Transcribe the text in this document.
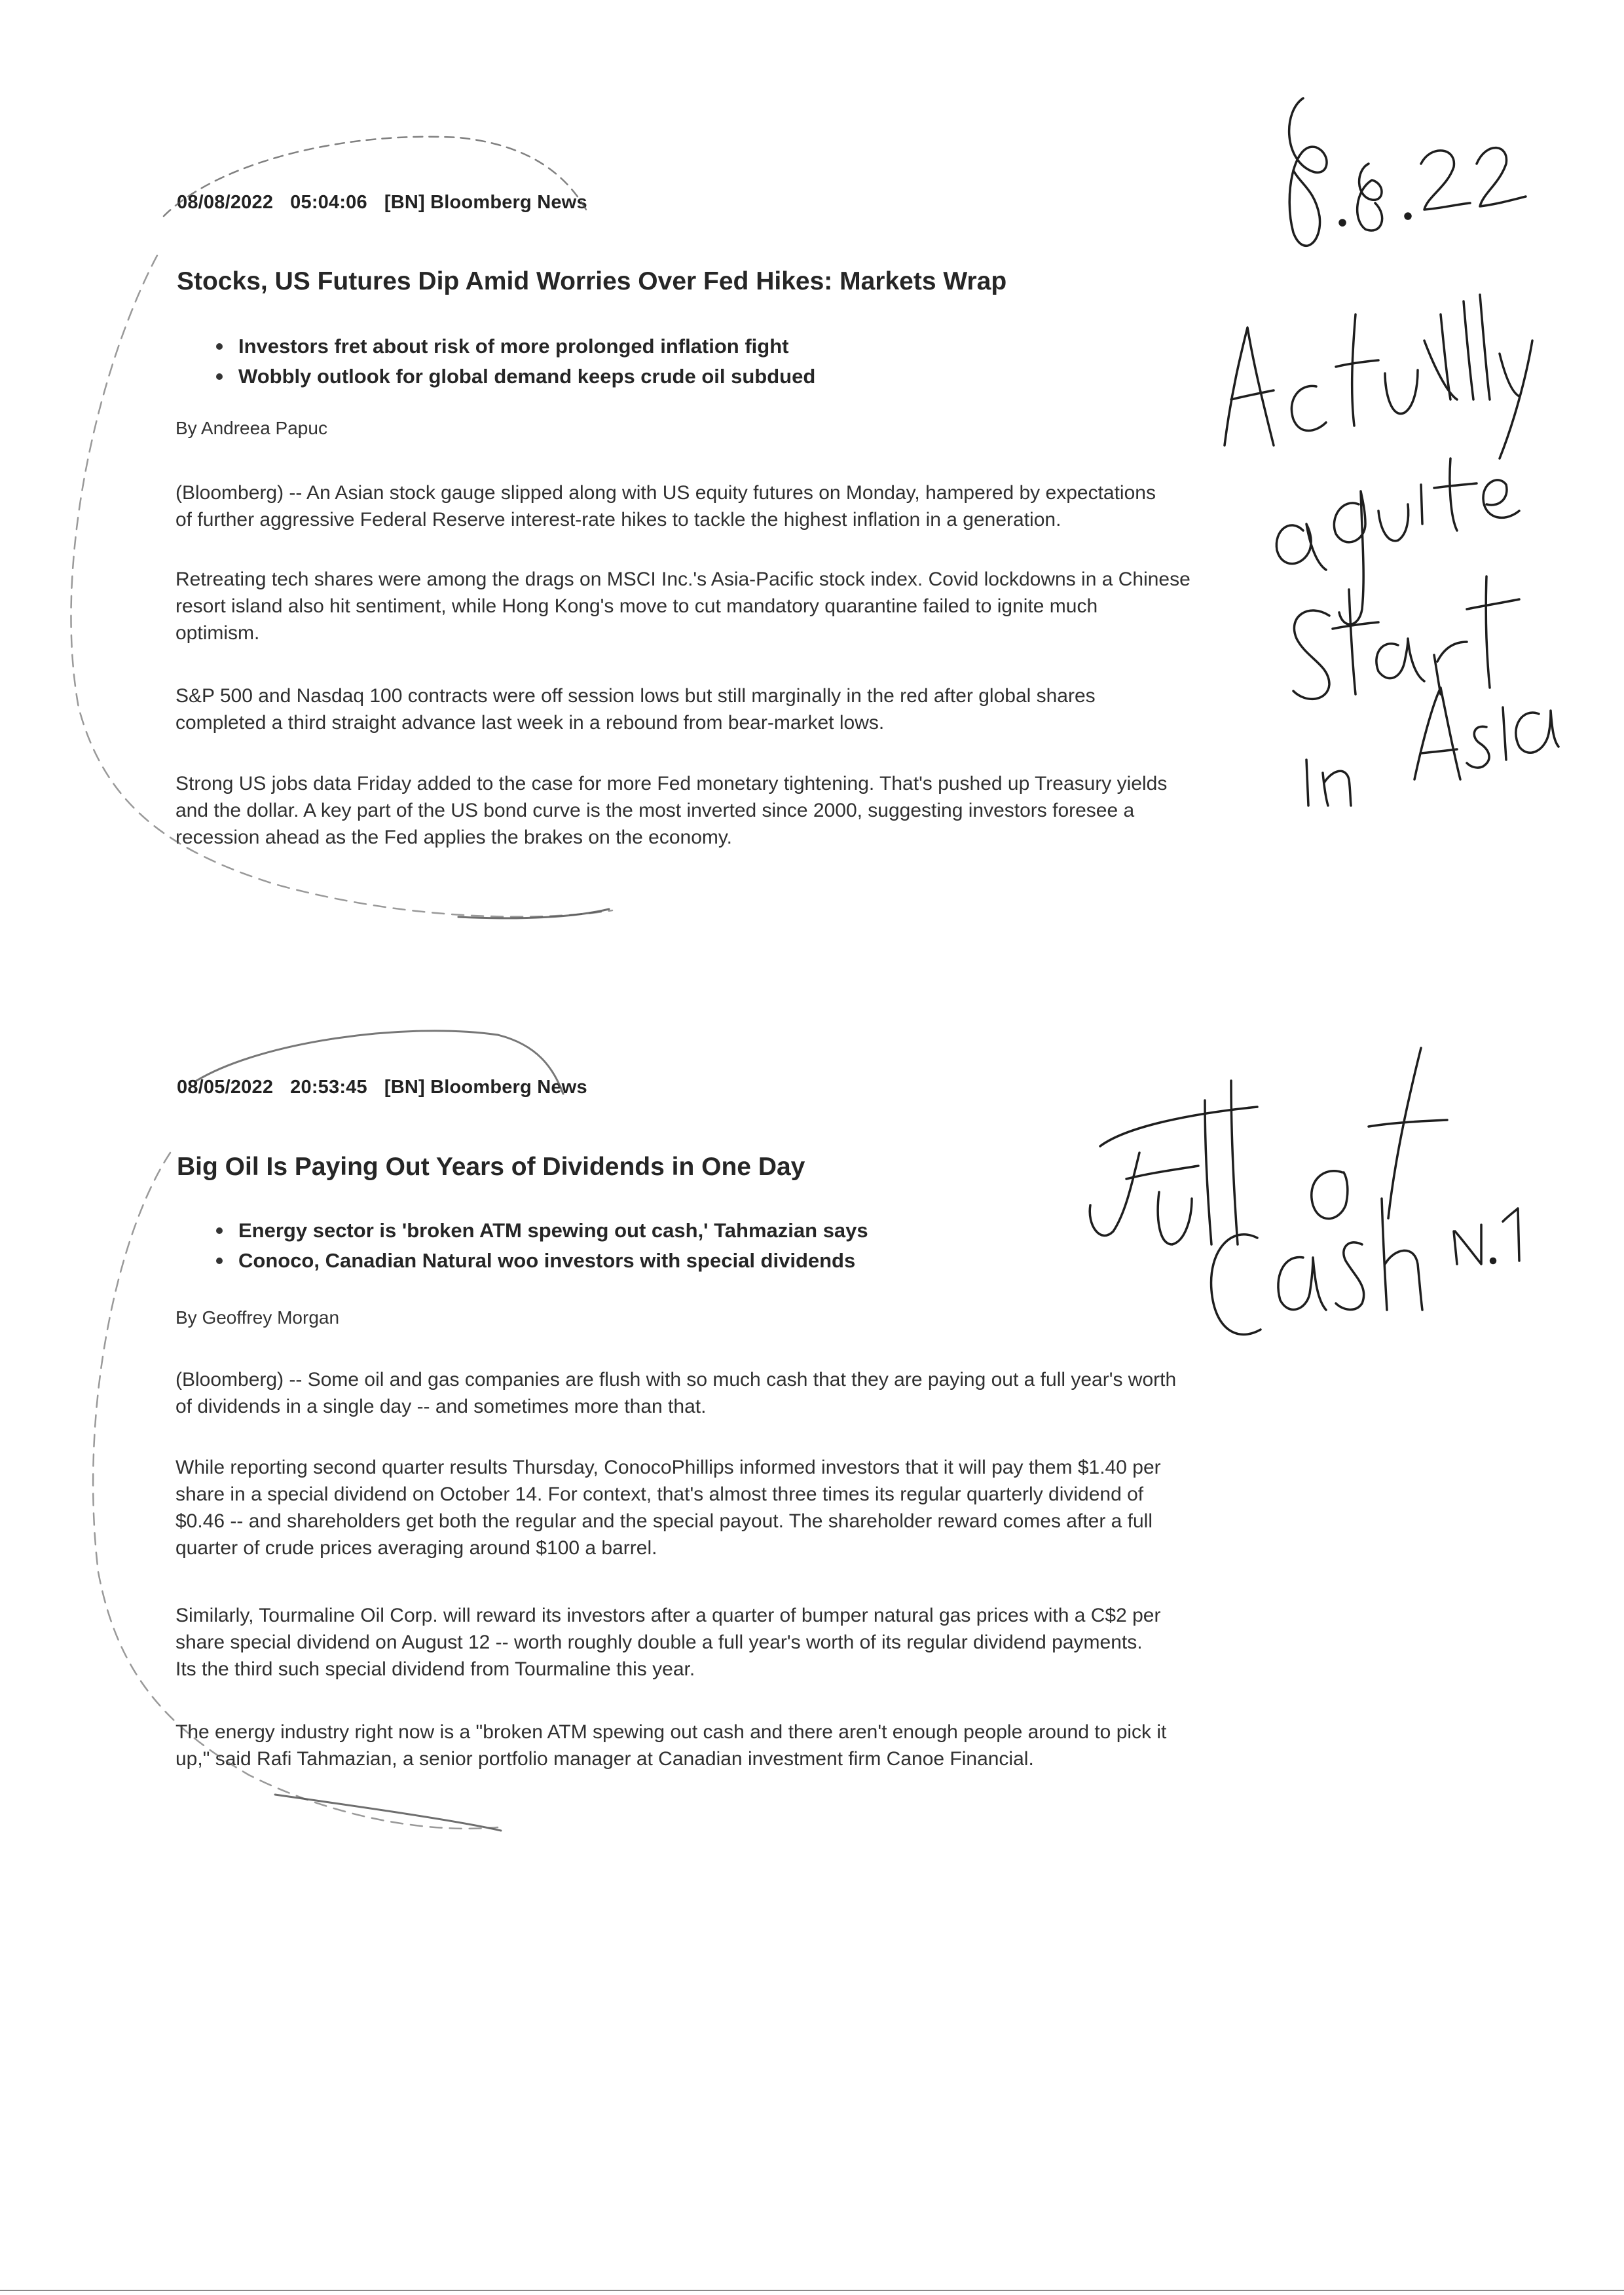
08/08/2022 05:04:06 [BN] Bloomberg News
Stocks, US Futures Dip Amid Worries Over Fed Hikes: Markets Wrap
Investors fret about risk of more prolonged inflation fight
Wobbly outlook for global demand keeps crude oil subdued
By Andreea Papuc

(Bloomberg) -- An Asian stock gauge slipped along with US equity futures on Monday, hampered by expectations

of further aggressive Federal Reserve interest-rate hikes to tackle the highest inflation in a generation.

Retreating tech shares were among the drags on MSCI Inc.'s Asia-Pacific stock index. Covid lockdowns in a Chinese

resort island also hit sentiment, while Hong Kong's move to cut mandatory quarantine failed to ignite much

optimism.

S&P 500 and Nasdaq 100 contracts were off session lows but still marginally in the red after global shares

completed a third straight advance last week in a rebound from bear-market lows.

Strong US jobs data Friday added to the case for more Fed monetary tightening. That's pushed up Treasury yields

and the dollar. A key part of the US bond curve is the most inverted since 2000, suggesting investors foresee a

recession ahead as the Fed applies the brakes on the economy.

08/05/2022 20:53:45 [BN] Bloomberg News
Big Oil Is Paying Out Years of Dividends in One Day
Energy sector is 'broken ATM spewing out cash,' Tahmazian says
Conoco, Canadian Natural woo investors with special dividends
By Geoffrey Morgan

(Bloomberg) -- Some oil and gas companies are flush with so much cash that they are paying out a full year's worth

of dividends in a single day -- and sometimes more than that.

While reporting second quarter results Thursday, ConocoPhillips informed investors that it will pay them $1.40 per

share in a special dividend on October 14. For context, that's almost three times its regular quarterly dividend of

$0.46 -- and shareholders get both the regular and the special payout. The shareholder reward comes after a full

quarter of crude prices averaging around $100 a barrel.

Similarly, Tourmaline Oil Corp. will reward its investors after a quarter of bumper natural gas prices with a C$2 per

share special dividend on August 12 -- worth roughly double a full year's worth of its regular dividend payments.

Its the third such special dividend from Tourmaline this year.

The energy industry right now is a "broken ATM spewing out cash and there aren't enough people around to pick it

up," said Rafi Tahmazian, a senior portfolio manager at Canadian investment firm Canoe Financial.
